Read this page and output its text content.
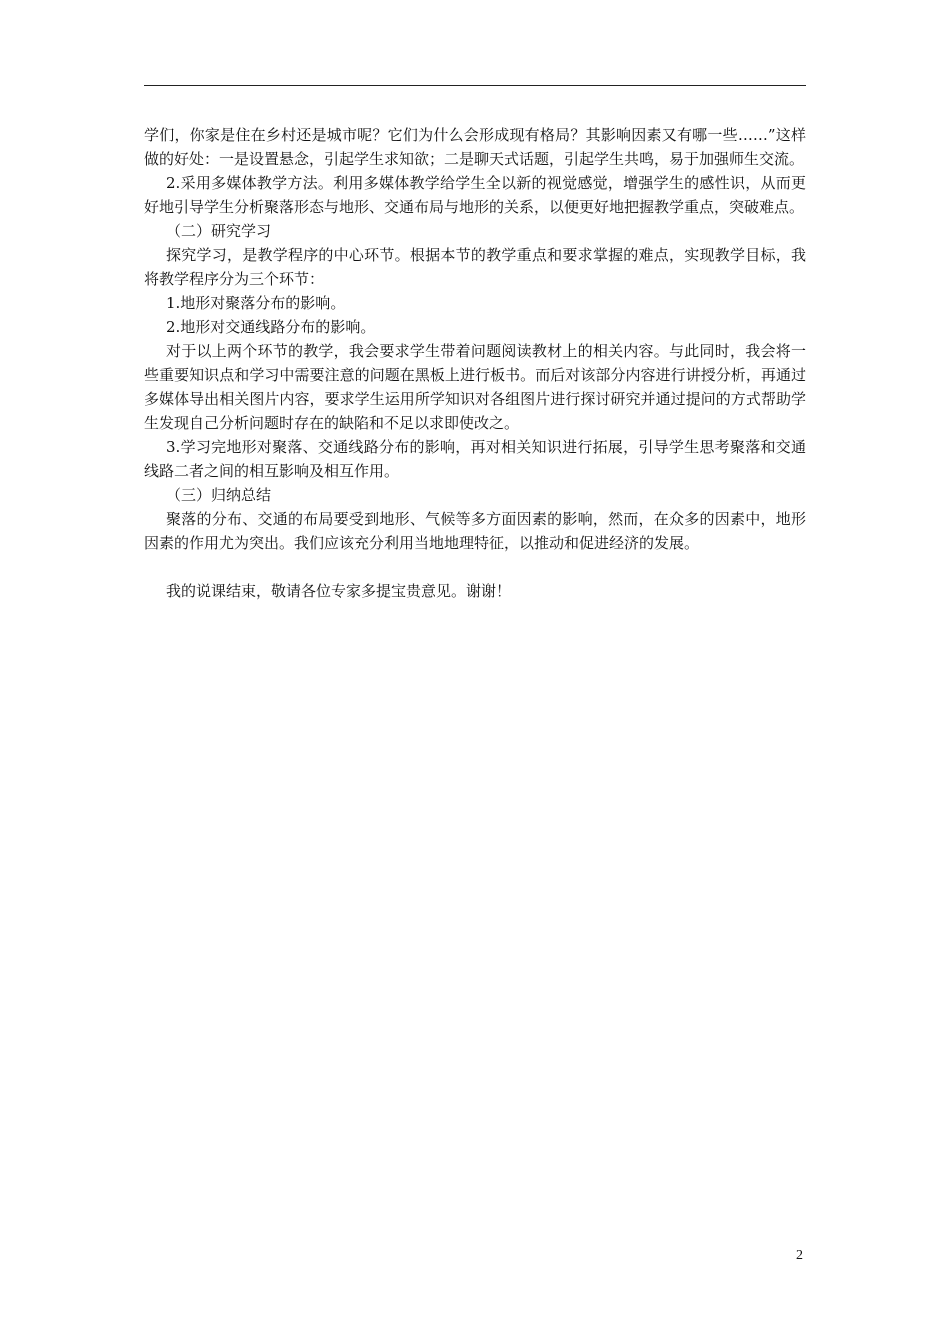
学们，你家是住在乡村还是城市呢？它们为什么会形成现有格局？其影响因素又有哪一些……”这样做的好处：一是设置悬念，引起学生求知欲；二是聊天式话题，引起学生共鸣，易于加强师生交流。

2.采用多媒体教学方法。利用多媒体教学给学生全以新的视觉感觉，增强学生的感性识，从而更好地引导学生分析聚落形态与地形、交通布局与地形的关系，以便更好地把握教学重点，突破难点。

（二）研究学习

探究学习，是教学程序的中心环节。根据本节的教学重点和要求掌握的难点，实现教学目标，我将教学程序分为三个环节：

1.地形对聚落分布的影响。

2.地形对交通线路分布的影响。

对于以上两个环节的教学，我会要求学生带着问题阅读教材上的相关内容。与此同时，我会将一些重要知识点和学习中需要注意的问题在黑板上进行板书。而后对该部分内容进行讲授分析，再通过多媒体导出相关图片内容，要求学生运用所学知识对各组图片进行探讨研究并通过提问的方式帮助学生发现自己分析问题时存在的缺陷和不足以求即使改之。

3.学习完地形对聚落、交通线路分布的影响，再对相关知识进行拓展，引导学生思考聚落和交通线路二者之间的相互影响及相互作用。

（三）归纳总结

聚落的分布、交通的布局要受到地形、气候等多方面因素的影响，然而，在众多的因素中，地形因素的作用尤为突出。我们应该充分利用当地地理特征，以推动和促进经济的发展。

我的说课结束，敬请各位专家多提宝贵意见。谢谢！

2
